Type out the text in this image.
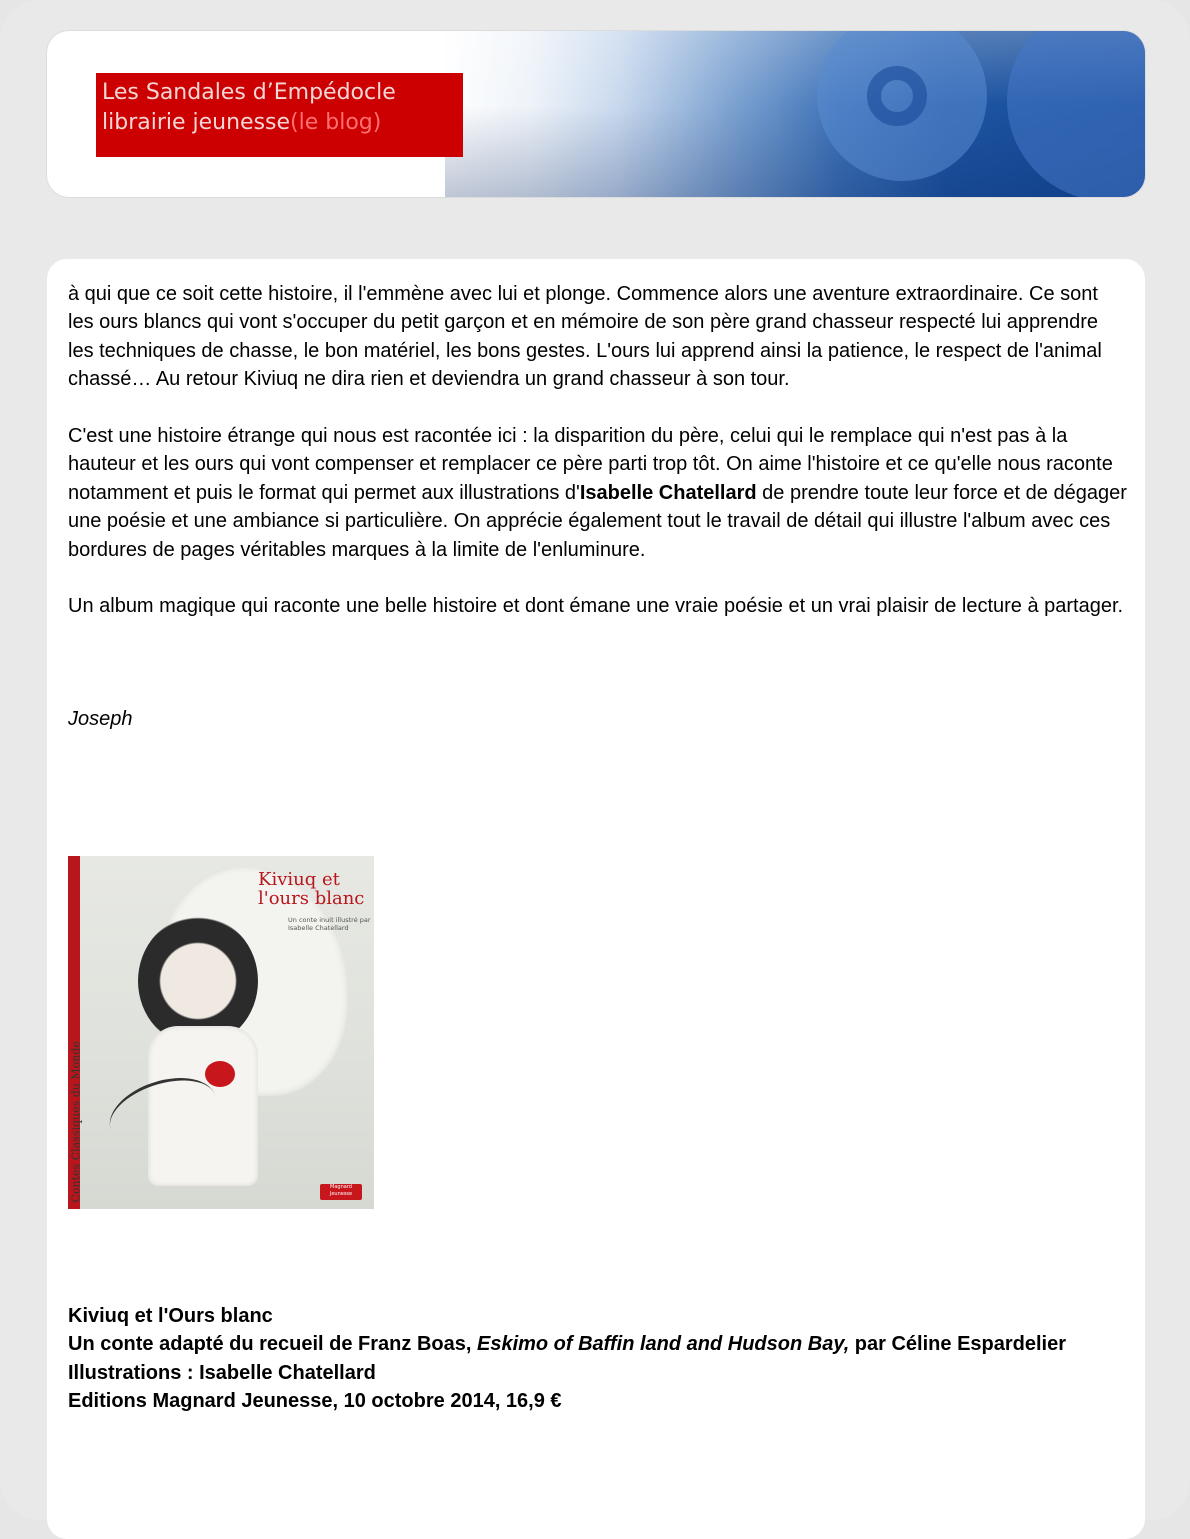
Les Sandales d’Empédocle
librairie jeunesse(le blog)

à qui que ce soit cette histoire, il l'emmène avec lui et plonge. Commence alors une aventure extraordinaire. Ce sont les ours blancs qui vont s'occuper du petit garçon et en mémoire de son père grand chasseur respecté lui apprendre les techniques de chasse, le bon matériel, les bons gestes. L'ours lui apprend ainsi la patience, le respect de l'animal chassé… Au retour Kiviuq ne dira rien et deviendra un grand chasseur à son tour.

C'est une histoire étrange qui nous est racontée ici : la disparition du père, celui qui le remplace qui n'est pas à la hauteur et les ours qui vont compenser et remplacer ce père parti trop tôt. On aime l'histoire et ce qu'elle nous raconte notamment et puis le format qui permet aux illustrations d'Isabelle Chatellard de prendre toute leur force et de dégager une poésie et une ambiance si particulière. On apprécie également tout le travail de détail qui illustre l'album avec ces bordures de pages véritables marques à la limite de l'enluminure.

Un album magique qui raconte une belle histoire et dont émane une vraie poésie et un vrai plaisir de lecture à partager.

Joseph

Contes Classiques du Monde
Kiviuq et
l'ours blanc
Un conte inuit illustré par Isabelle Chatellard
Magnard Jeunesse
Kiviuq et l'Ours blanc
Un conte adapté du recueil de Franz Boas, Eskimo of Baffin land and Hudson Bay, par Céline Espardelier
Illustrations : Isabelle Chatellard
Editions Magnard Jeunesse, 10 octobre 2014, 16,9 €
